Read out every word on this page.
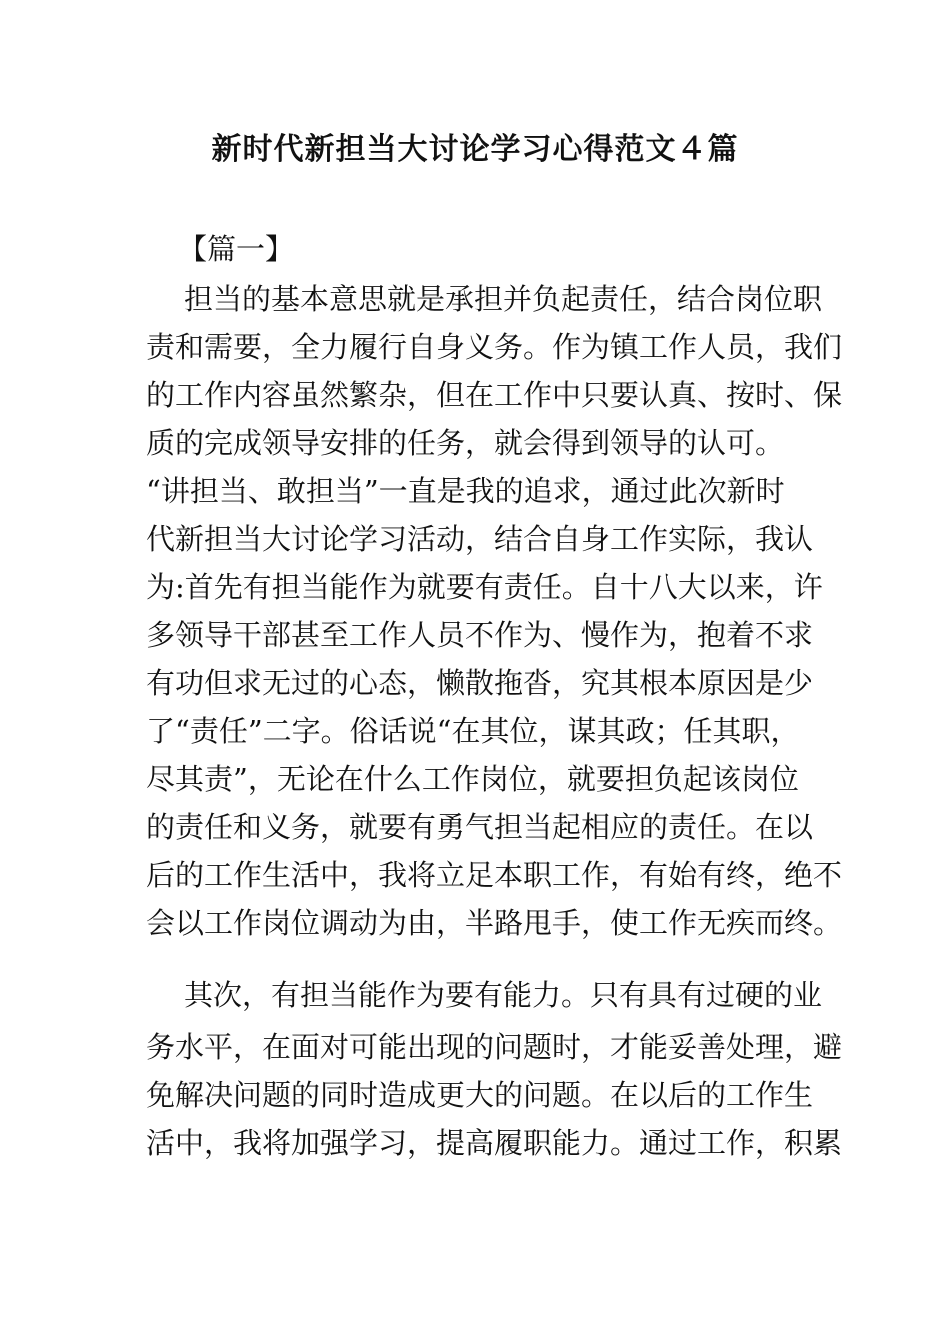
新时代新担当大讨论学习心得范文４篇

【篇一】

担当的基本意思就是承担并负起责任，结合岗位职

责和需要，全力履行自身义务。作为镇工作人员，我们

的工作内容虽然繁杂，但在工作中只要认真、按时、保

质的完成领导安排的任务，就会得到领导的认可。

“讲担当、敢担当”一直是我的追求，通过此次新时

代新担当大讨论学习活动，结合自身工作实际，我认

为:首先有担当能作为就要有责任。自十八大以来，许

多领导干部甚至工作人员不作为、慢作为，抱着不求

有功但求无过的心态，懒散拖沓，究其根本原因是少

了“责任”二字。俗话说“在其位，谋其政；任其职，

尽其责”，无论在什么工作岗位，就要担负起该岗位

的责任和义务，就要有勇气担当起相应的责任。在以

后的工作生活中，我将立足本职工作，有始有终，绝不

会以工作岗位调动为由，半路甩手，使工作无疾而终。

其次，有担当能作为要有能力。只有具有过硬的业

务水平，在面对可能出现的问题时，才能妥善处理，避

免解决问题的同时造成更大的问题。在以后的工作生

活中，我将加强学习，提高履职能力。通过工作，积累
